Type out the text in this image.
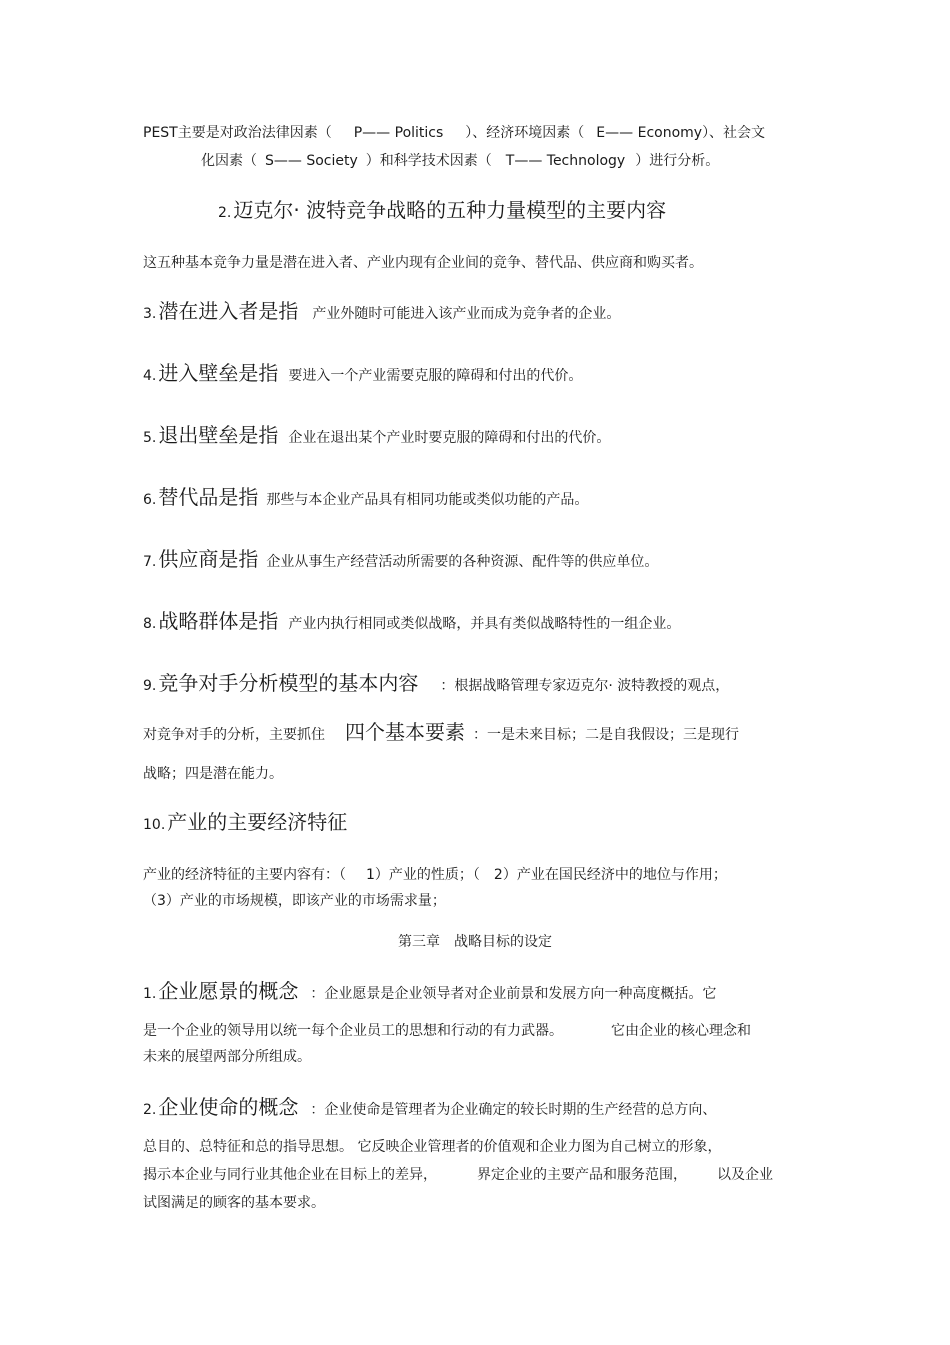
PEST主要是对政治法律因素（ P—— Politics ）、经济环境因素（ E—— Economy）、社会文
化因素（ S—— Society ）和科学技术因素（ T—— Technology ）进行分析。
2. 迈克尔· 波特竞争战略的五种力量模型的主要内容
这五种基本竞争力量是潜在进入者、产业内现有企业间的竞争、替代品、供应商和购买者。
3. 潜在进入者是指 产业外随时可能进入该产业而成为竞争者的企业。
4. 进入壁垒是指 要进入一个产业需要克服的障碍和付出的代价。
5. 退出壁垒是指 企业在退出某个产业时要克服的障碍和付出的代价。
6. 替代品是指 那些与本企业产品具有相同功能或类似功能的产品。
7. 供应商是指 企业从事生产经营活动所需要的各种资源、配件等的供应单位。
8. 战略群体是指 产业内执行相同或类似战略，并具有类似战略特性的一组企业。
9. 竞争对手分析模型的基本内容 ：根据战略管理专家迈克尔· 波特教授的观点，
对竞争对手的分析，主要抓住 四个基本要素 ：一是未来目标；二是自我假设；三是现行
战略；四是潜在能力。
10. 产业的主要经济特征
产业的经济特征的主要内容有：（ 1）产业的性质；（ 2）产业在国民经济中的地位与作用；
（3）产业的市场规模，即该产业的市场需求量；
第三章　战略目标的设定
1. 企业愿景的概念 ：企业愿景是企业领导者对企业前景和发展方向一种高度概括。它
是一个企业的领导用以统一每个企业员工的思想和行动的有力武器。	它由企业的核心理念和
未来的展望两部分所组成。
2. 企业使命的概念 ：企业使命是管理者为企业确定的较长时期的生产经营的总方向、
总目的、总特征和总的指导思想。 它反映企业管理者的价值观和企业力图为自己树立的形象，
揭示本企业与同行业其他企业在目标上的差异，	界定企业的主要产品和服务范围， 以及企业
试图满足的顾客的基本要求。
